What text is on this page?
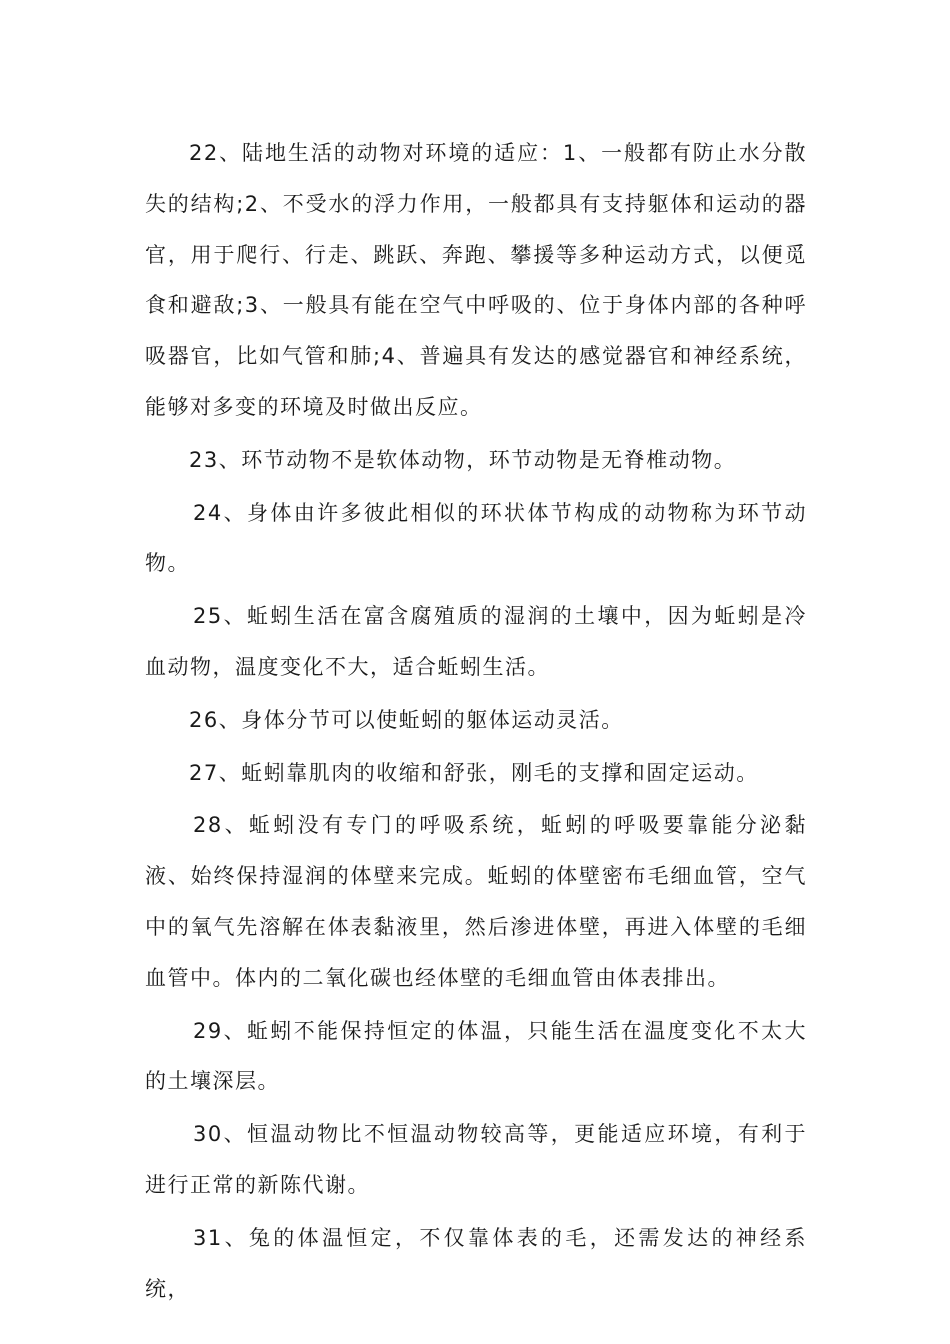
22、陆地生活的动物对环境的适应：1、一般都有防止水分散失的结构;2、不受水的浮力作用，一般都具有支持躯体和运动的器官，用于爬行、行走、跳跃、奔跑、攀援等多种运动方式，以便觅食和避敌;3、一般具有能在空气中呼吸的、位于身体内部的各种呼吸器官，比如气管和肺;4、普遍具有发达的感觉器官和神经系统，能够对多变的环境及时做出反应。

23、环节动物不是软体动物，环节动物是无脊椎动物。

24、身体由许多彼此相似的环状体节构成的动物称为环节动物。

25、蚯蚓生活在富含腐殖质的湿润的土壤中，因为蚯蚓是冷血动物，温度变化不大，适合蚯蚓生活。

26、身体分节可以使蚯蚓的躯体运动灵活。

27、蚯蚓靠肌肉的收缩和舒张，刚毛的支撑和固定运动。

28、蚯蚓没有专门的呼吸系统，蚯蚓的呼吸要靠能分泌黏液、始终保持湿润的体壁来完成。蚯蚓的体壁密布毛细血管，空气中的氧气先溶解在体表黏液里，然后渗进体壁，再进入体壁的毛细血管中。体内的二氧化碳也经体壁的毛细血管由体表排出。

29、蚯蚓不能保持恒定的体温，只能生活在温度变化不太大的土壤深层。

30、恒温动物比不恒温动物较高等，更能适应环境，有利于进行正常的新陈代谢。

31、兔的体温恒定，不仅靠体表的毛，还需发达的神经系统，
